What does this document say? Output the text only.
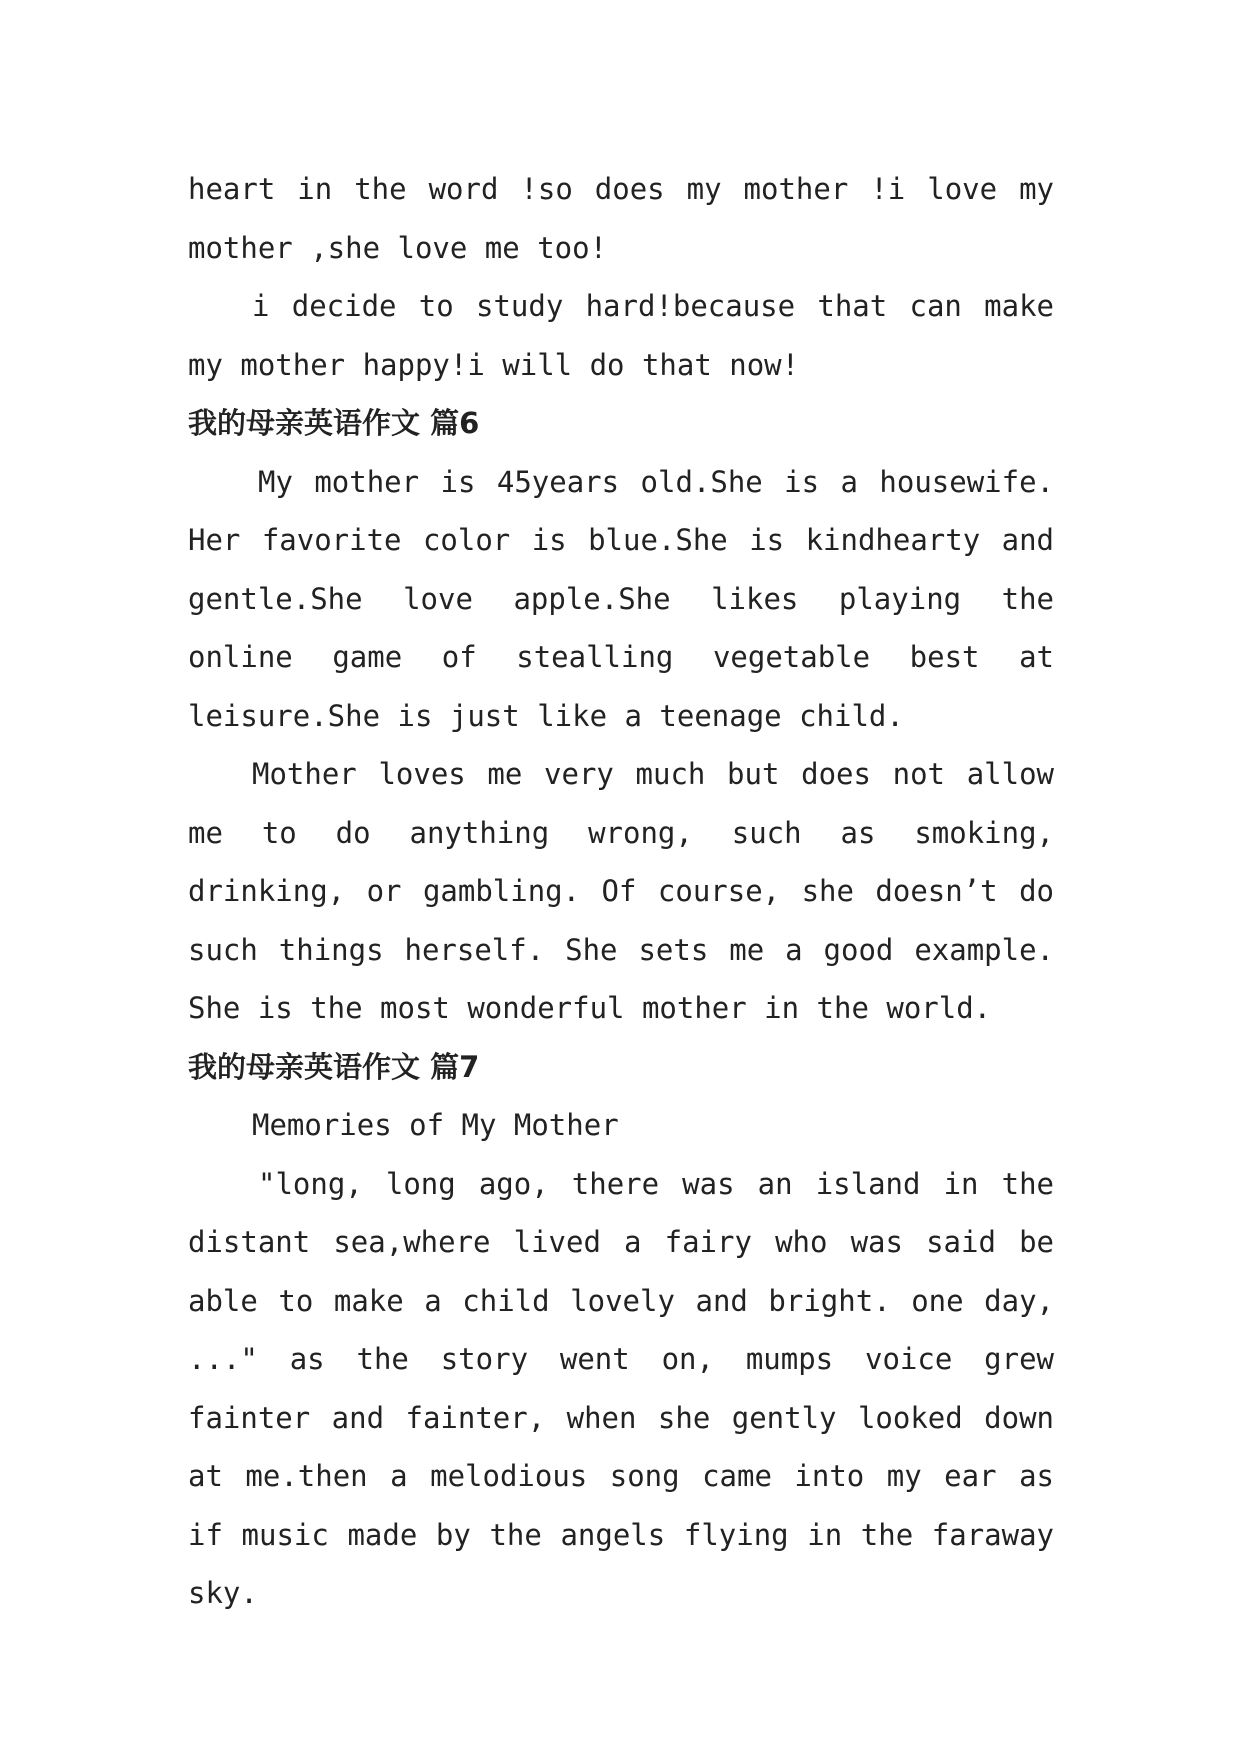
heart in the word !so does my mother !i love my mother ,she love me too!

i decide to study hard!because that can make my mother happy!i will do that now!

我的母亲英语作文 篇6

My mother is 45years old.She is a housewife. Her favorite color is blue.She is kindhearty and gentle.She love apple.She likes playing the online game of stealling vegetable best at leisure.She is just like a teenage child.

Mother loves me very much but does not allow me to do anything wrong, such as smoking, drinking, or gambling. Of course, she doesn’t do such things herself. She sets me a good example. She is the most wonderful mother in the world.

我的母亲英语作文 篇7

Memories of My Mother

"long, long ago, there was an island in the distant sea,where lived a fairy who was said be able to make a child lovely and bright. one day, ..." as the story went on, mumps voice grew fainter and fainter, when she gently looked down at me.then a melodious song came into my ear as if music made by the angels flying in the faraway sky.
